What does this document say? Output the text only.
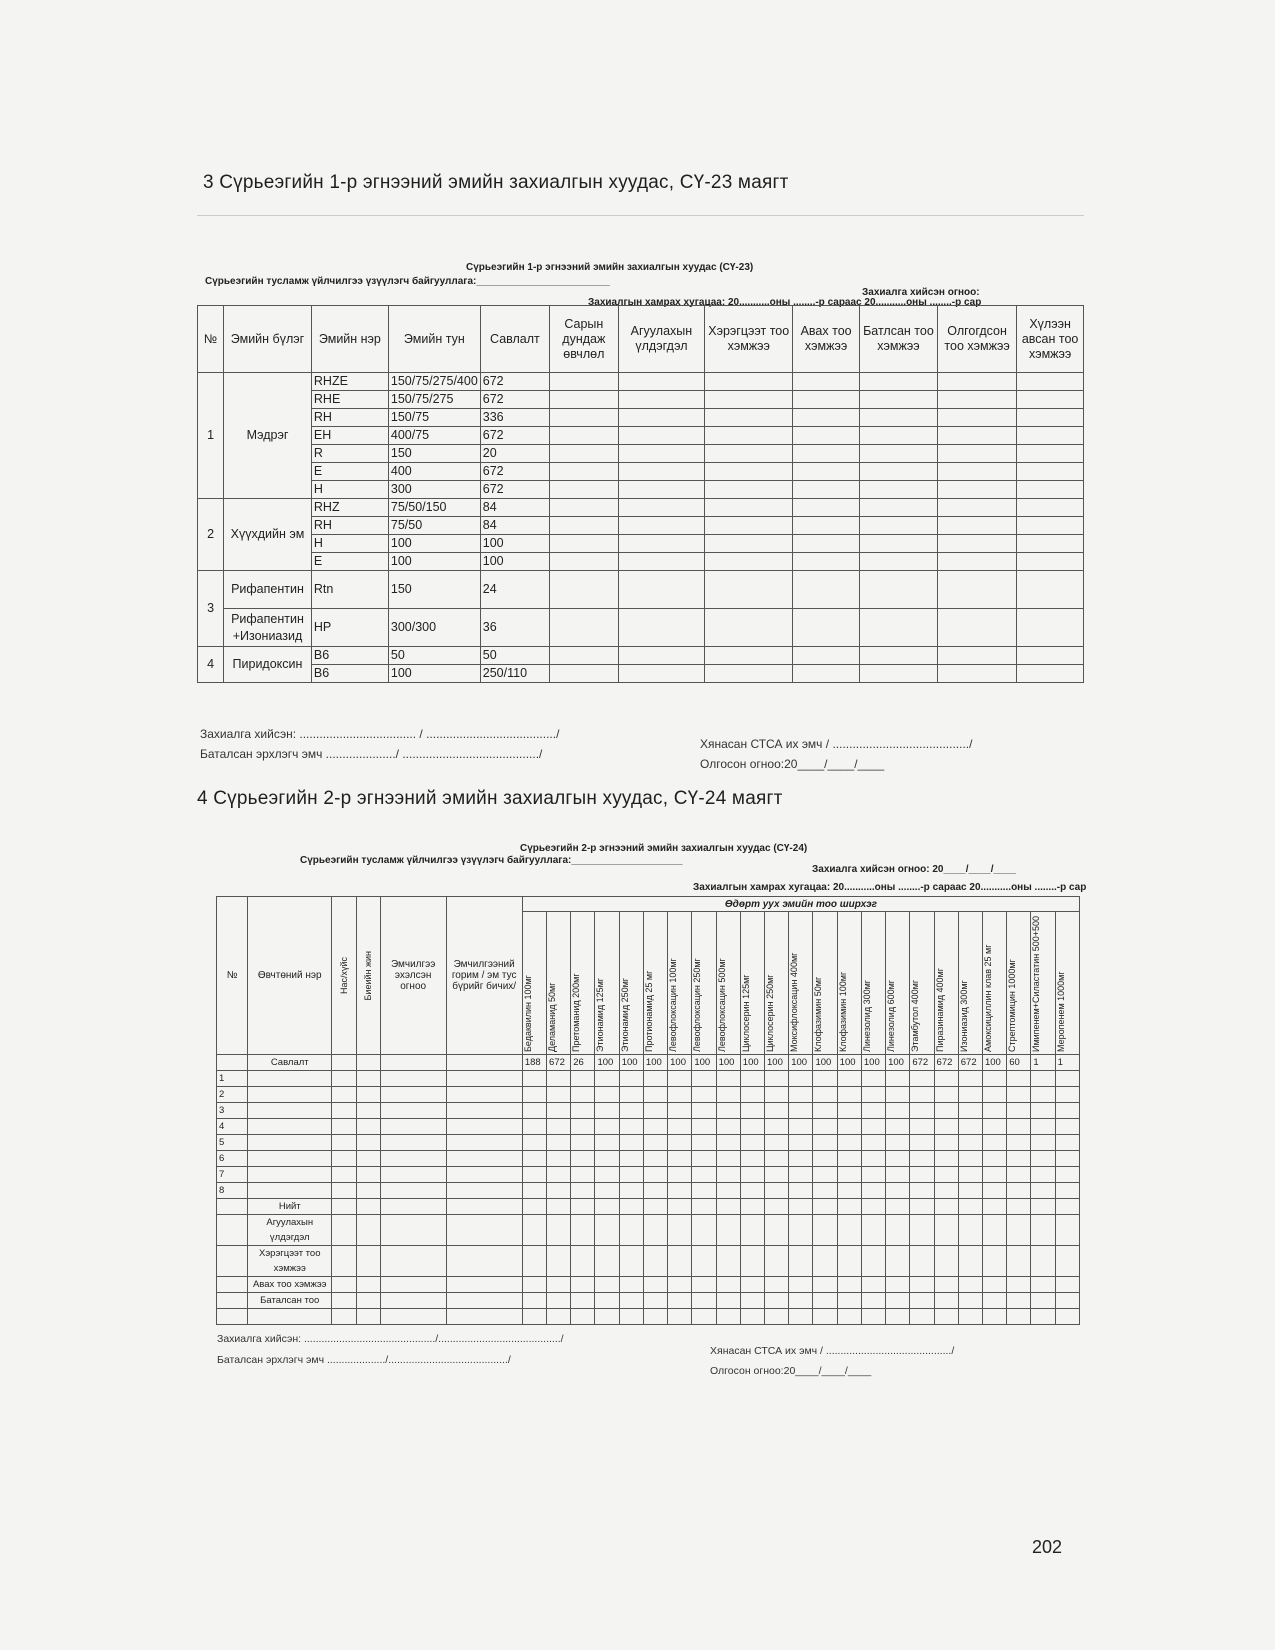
3 Сүрьеэгийн 1-р эгнээний эмийн захиалгын хуудас, СҮ-23 маягт
Сүрьеэгийн 1-р эгнээний эмийн захиалгын хуудас (СҮ-23)
Сүрьеэгийн тусламж үйлчилгээ үзүүлэгч байгууллага:________________________
Захиалга хийсэн огноо:
Захиалгын хамрах хугацаа: 20...........оны ........-р сараас 20...........оны ........-р сар
№	Эмийн бүлэг	Эмийн нэр	Эмийн тун	Савлалт	Сарын дундаж өвчлөл	Агуулахын үлдэгдэл	Хэрэгцээт тоо хэмжээ	Авах тоо хэмжээ	Батлсан тоо хэмжээ	Олгогдсон тоо хэмжээ	Хүлээн авсан тоо хэмжээ
1	Мэдрэг	RHZE	150/75/275/400	672							
		RHE	150/75/275	672							
		RH	150/75	336							
		EH	400/75	672							
		R	150	20							
		E	400	672							
		H	300	672							
2	Хүүхдийн эм	RHZ	75/50/150	84							
		RH	75/50	84							
		H	100	100							
		E	100	100							
3	Рифапентин	Rtn	150	24							
	Рифапентин +Изониазид	HP	300/300	36							
4	Пиридоксин	B6	50	50							
		B6	100	250/110							
Захиалга хийсэн: ................................... / ......................................./
Баталсан эрхлэгч эмч ...................../ ........................................./
Хянасан СТСА их эмч / ........................................./
Олгосон огноо:20____/____/____
4 Сүрьеэгийн 2-р эгнээний эмийн захиалгын хуудас, СҮ-24 маягт
Сүрьеэгийн 2-р эгнээний эмийн захиалгын хуудас (СҮ-24)
Сүрьеэгийн тусламж үйлчилгээ үзүүлэгч байгууллага:____________________
Захиалга хийсэн огноо: 20____/____/____
Захиалгын хамрах хугацаа: 20...........оны ........-р сараас 20...........оны ........-р сар
№	Өвчтөний нэр	Нас/хүйс	Биеийн жин	Эмчилгээ эхэлсэн огноо	Эмчилгээний горим / эм тус бүрийг бичих/	Өдөрт уух эмийн тоо ширхэг																						

						Бедаквилин 100мг	Деламанид 50мг	Претоманид 200мг	Этионамид 125мг	Этионамид 250мг	Протионамид 25 мг	Левофлоксацин 100мг	Левофлоксацин 250мг	Левофлоксацин 500мг	Циклосерин 125мг	Циклосерин 250мг	Моксифлоксацин 400мг	Клофазимин 50мг	Клофазимин 100мг	Линезолид 300мг	Линезолид 600мг	Этамбутол 400мг	Пиразинамид 400мг	Изониазид 300мг	Амоксициллин клав 25 мг	Стрептомицин 1000мг	Имипенем+Силастатин 500+500	Меропенем 1000мг

	Савлалт					188	672	26	100	100	100	100	100	100	100	100	100	100	100	100	100	672	672	672	100	60	1	1
1																												
2																												
3																												
4																												
5																												
6																												
7																												
8																												
	Нийт																											
	Агуулахын үлдэгдэл																											
	Хэрэгцээт тоо хэмжээ																											
	Авах тоо хэмжээ																											
	Баталсан тоо																											

Захиалга хийсэн: ............................................./........................................../
Баталсан эрхлэгч эмч ..................../........................................./
Хянасан СТСА их эмч / .........................................../
Олгосон огноо:20____/____/____
202
